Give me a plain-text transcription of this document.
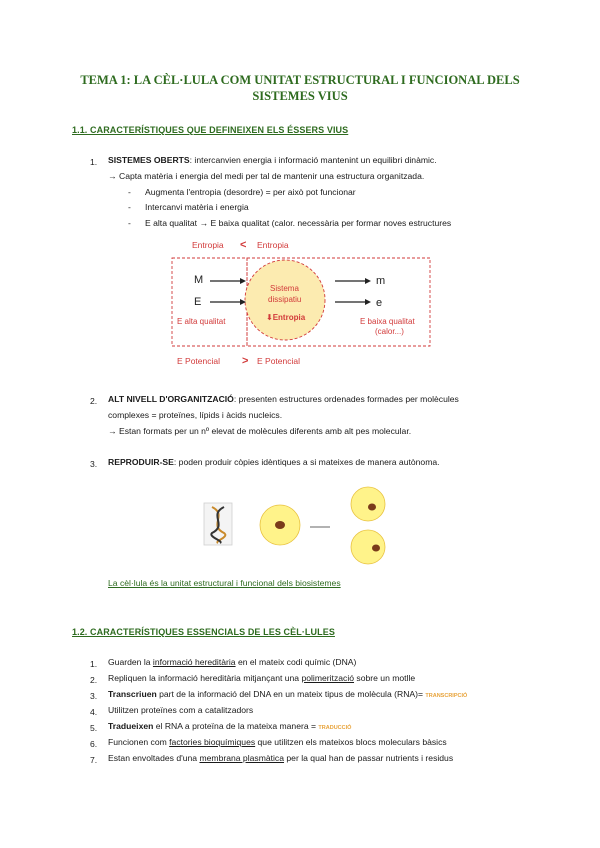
TEMA 1: LA CÈL·LULA COM UNITAT ESTRUCTURAL I FUNCIONAL DELS
SISTEMES VIUS
1.1. CARACTERÍSTIQUES QUE DEFINEIXEN ELS ÉSSERS VIUS
1. SISTEMES OBERTS: intercanvien energia i informació mantenint un equilibri dinàmic.
→ Capta matèria i energia del medi per tal de mantenir una estructura organitzada.
- Augmenta l'entropia (desordre) = per això pot funcionar
- Intercanvi matèria i energia
- E alta qualitat → E baixa qualitat (calor. necessària per formar noves estructures
Entropia < Entropia
M
E
m
e
Sistema
dissipatiu
⬇Entropia
E alta qualitat	E baixa qualitat
(calor...)
E Potencial > E Potencial
2. ALT NIVELL D'ORGANITZACIÓ: presenten estructures ordenades formades per molècules
complexes = proteïnes, lípids i àcids nucleics.
→ Estan formats per un nº elevat de molècules diferents amb alt pes molecular.
3. REPRODUIR-SE: poden produir còpies idèntiques a si mateixes de manera autònoma.
La cèl·lula és la unitat estructural i funcional dels biosistemes
1.2. CARACTERÍSTIQUES ESSENCIALS DE LES CÈL·LULES
1. Guarden la informació hereditària en el mateix codi químic (DNA)
2. Repliquen la informació hereditària mitjançant una polimerització sobre un motlle
3. Transcriuen part de la informació del DNA en un mateix tipus de molècula (RNA)= TRANSCRIPCIÓ
4. Utilitzen proteïnes com a catalitzadors
5. Tradueixen el RNA a proteïna de la mateixa manera = TRADUCCIÓ
6. Funcionen com factories bioquímiques que utilitzen els mateixos blocs moleculars bàsics
7. Estan envoltades d'una membrana plasmàtica per la qual han de passar nutrients i residus
